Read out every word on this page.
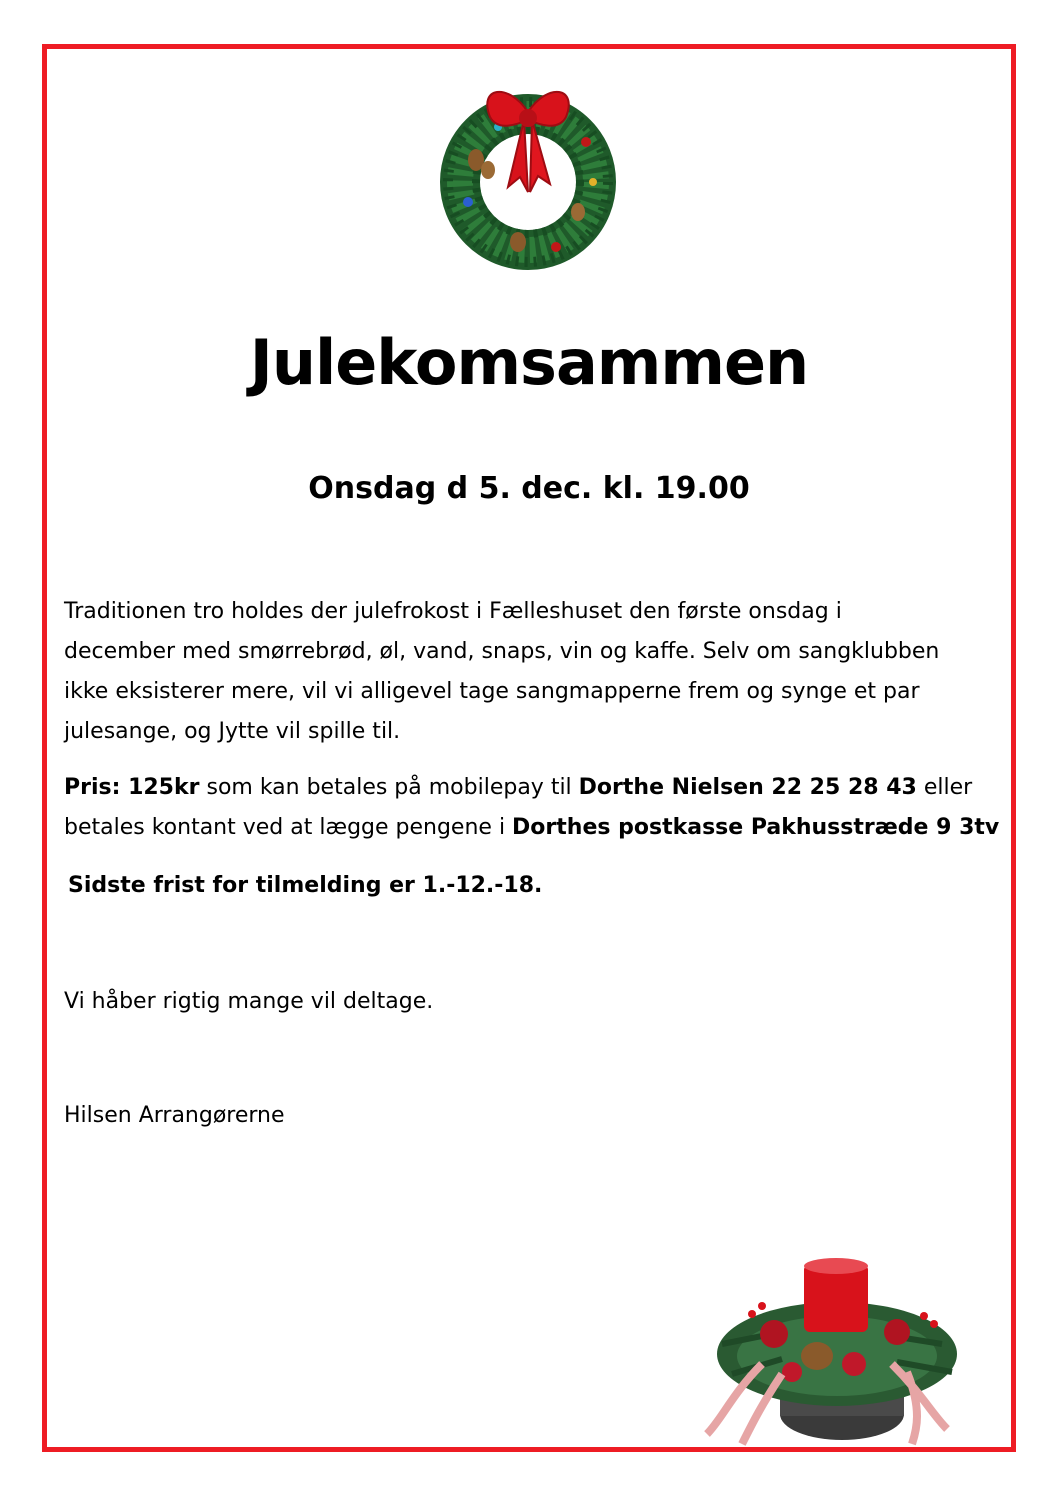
Julekomsammen
Onsdag d 5. dec. kl. 19.00

Traditionen tro holdes der julefrokost i Fælleshuset den første onsdag i
december med smørrebrød, øl, vand, snaps, vin og kaffe. Selv om sangklubben
ikke eksisterer mere, vil vi alligevel tage sangmapperne frem og synge et par
julesange, og Jytte vil spille til.

Pris: 125kr som kan betales på mobilepay til Dorthe Nielsen 22 25 28 43 eller
betales kontant ved at lægge pengene i Dorthes postkasse Pakhusstræde 9 3tv

Sidste frist for tilmelding er 1.-12.-18.

Vi håber rigtig mange vil deltage.

Hilsen Arrangørerne
